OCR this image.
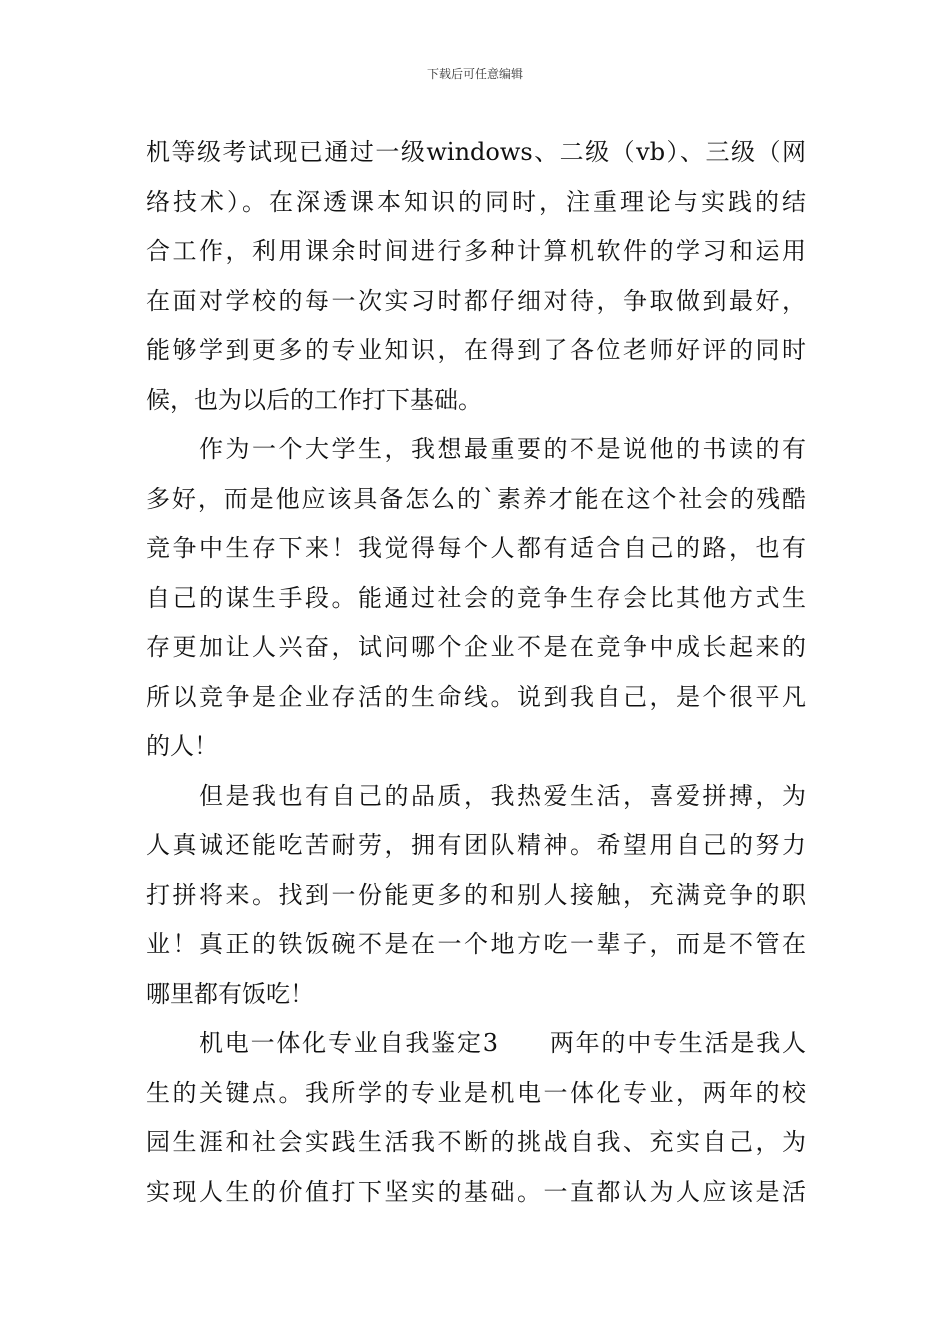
下载后可任意编辑
机等级考试现已通过一级windows、二级（vb）、三级（网
络技术）。在深透课本知识的同时，注重理论与实践的结
合工作，利用课余时间进行多种计算机软件的学习和运用
在面对学校的每一次实习时都仔细对待，争取做到最好，
能够学到更多的专业知识，在得到了各位老师好评的同时
候，也为以后的工作打下基础。
作为一个大学生，我想最重要的不是说他的书读的有
多好，而是他应该具备怎么的`素养才能在这个社会的残酷
竞争中生存下来！我觉得每个人都有适合自己的路，也有
自己的谋生手段。能通过社会的竞争生存会比其他方式生
存更加让人兴奋，试问哪个企业不是在竞争中成长起来的
所以竞争是企业存活的生命线。说到我自己，是个很平凡
的人！
但是我也有自己的品质，我热爱生活，喜爱拼搏，为
人真诚还能吃苦耐劳，拥有团队精神。希望用自己的努力
打拼将来。找到一份能更多的和别人接触，充满竞争的职
业！真正的铁饭碗不是在一个地方吃一辈子，而是不管在
哪里都有饭吃！
机电一体化专业自我鉴定3 两年的中专生活是我人
生的关键点。我所学的专业是机电一体化专业，两年的校
园生涯和社会实践生活我不断的挑战自我、充实自己，为
实现人生的价值打下坚实的基础。一直都认为人应该是活
